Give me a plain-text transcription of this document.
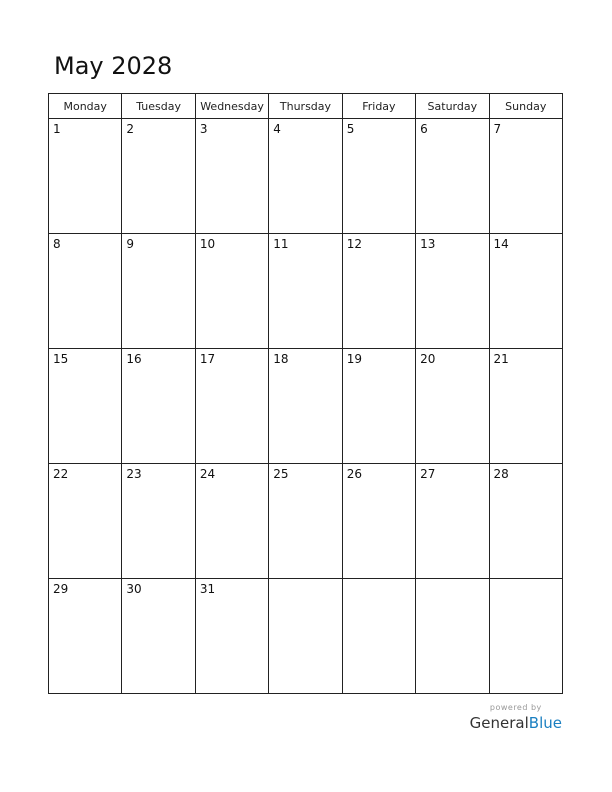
May 2028
Monday	Tuesday	Wednesday	Thursday	Friday	Saturday	Sunday

1	2	3	4	5	6	7

8	9	10	11	12	13	14

15	16	17	18	19	20	21

22	23	24	25	26	27	28

29	30	31				

powered by
GeneralBlue
